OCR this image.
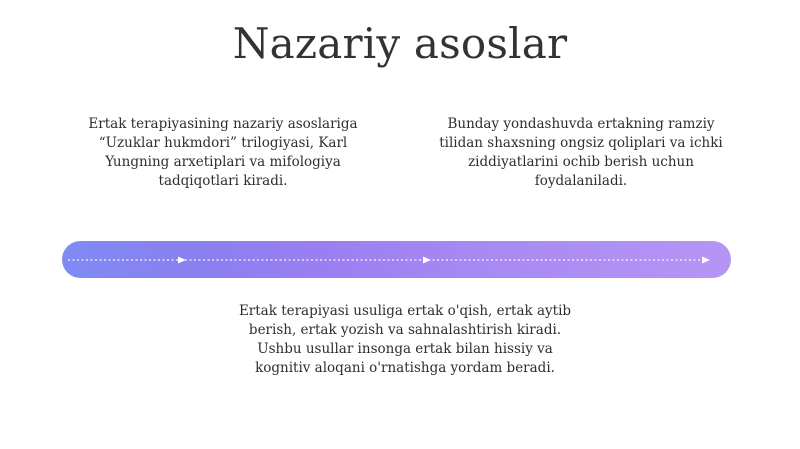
Nazariy asoslar
Ertak terapiyasining nazariy asoslariga
“Uzuklar hukmdori” trilogiyasi, Karl
Yungning arxetiplari va mifologiya
tadqiqotlari kiradi.
Bunday yondashuvda ertakning ramziy
tilidan shaxsning ongsiz qoliplari va ichki
ziddiyatlarini ochib berish uchun
foydalaniladi.
Ertak terapiyasi usuliga ertak o'qish, ertak aytib
berish, ertak yozish va sahnalashtirish kiradi.
Ushbu usullar insonga ertak bilan hissiy va
kognitiv aloqani o'rnatishga yordam beradi.
